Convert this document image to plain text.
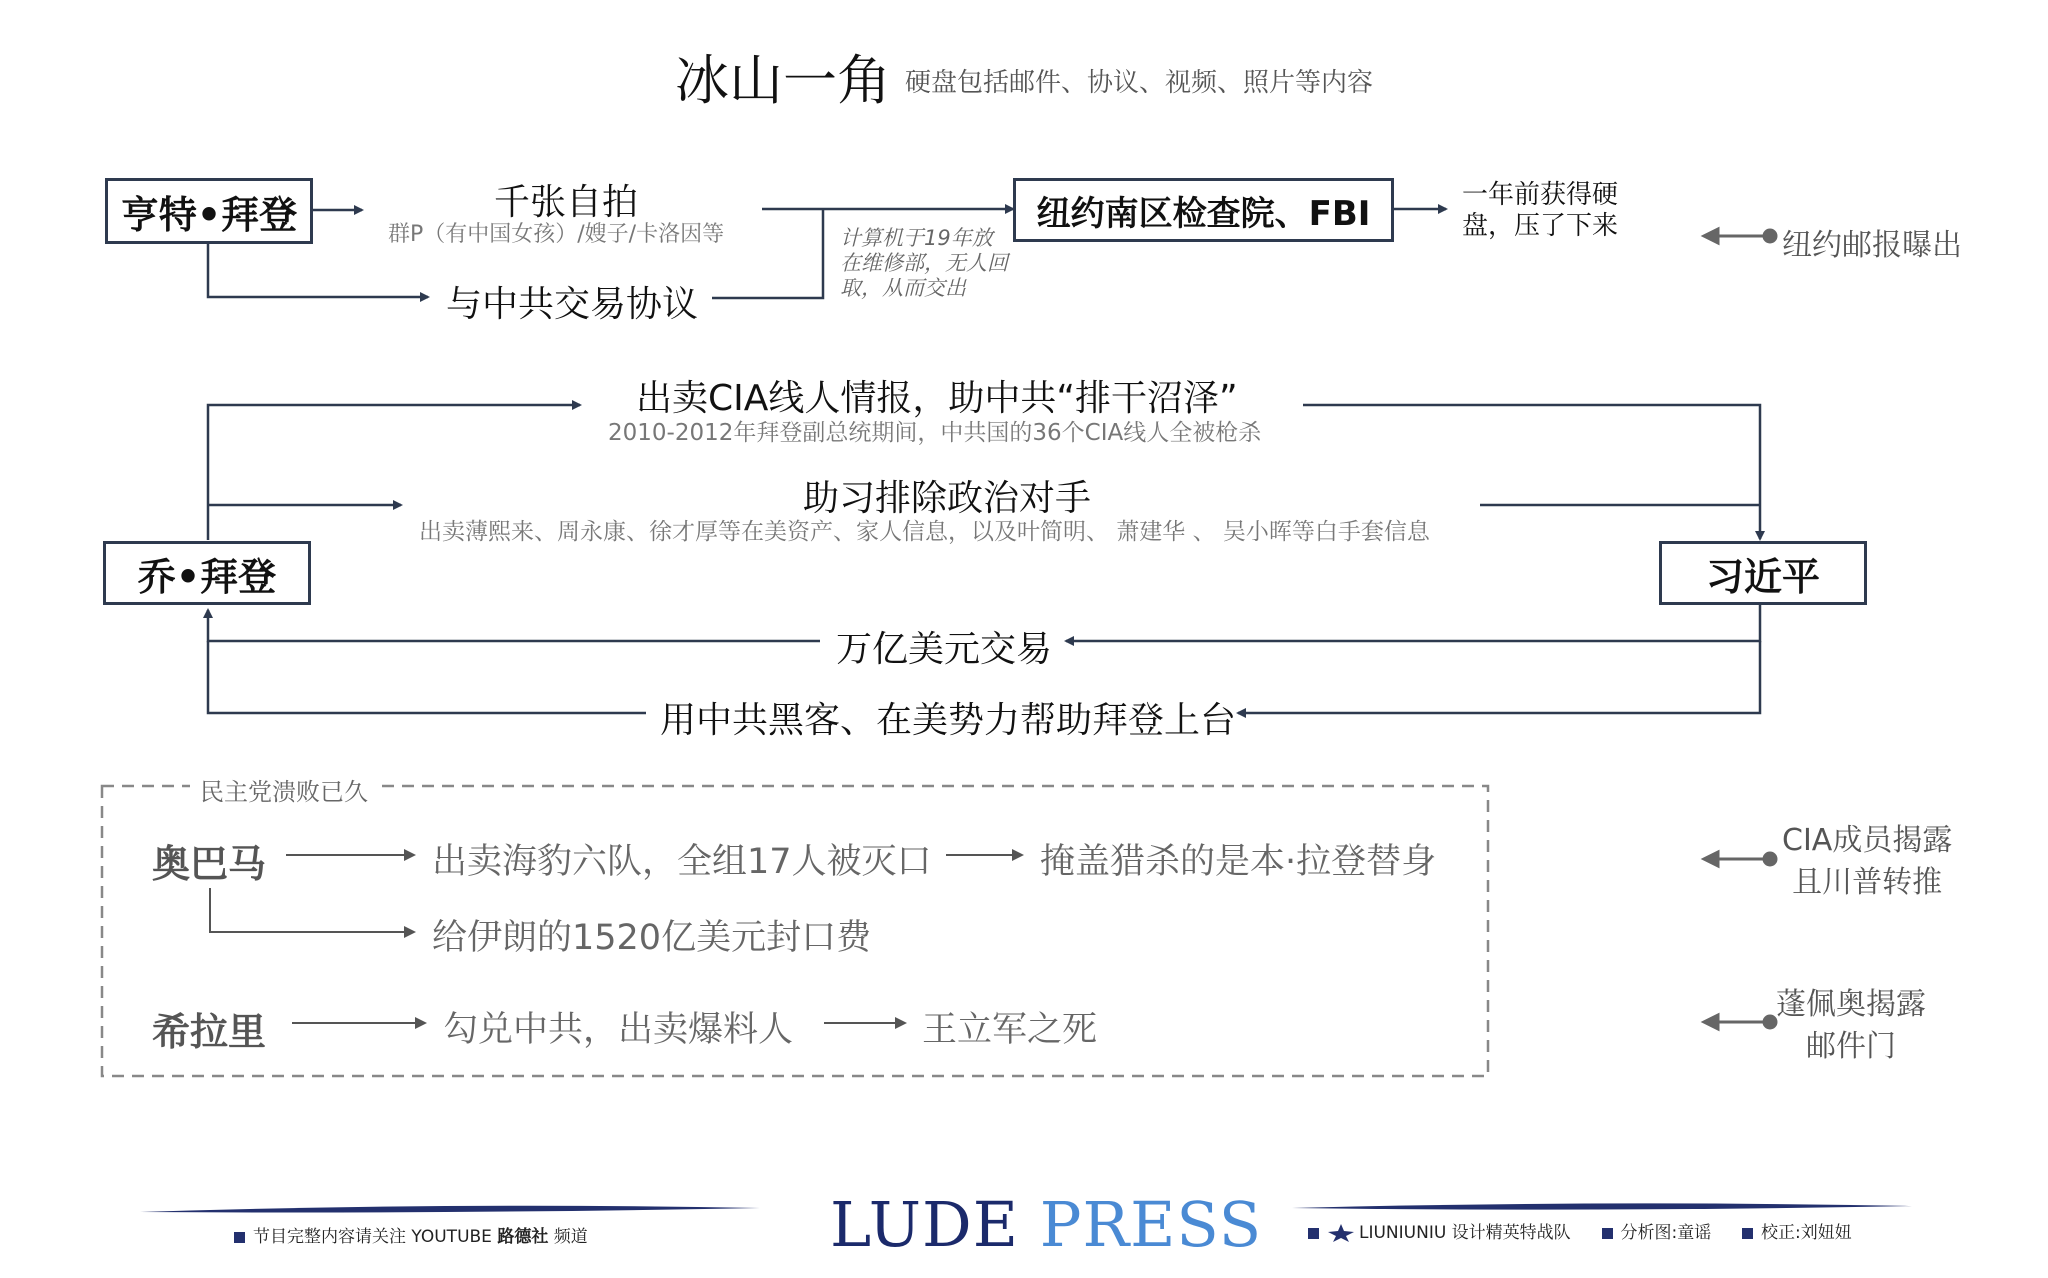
冰山一角 硬盘包括邮件、协议、视频、照片等内容
亨特•拜登	千张自拍
群P（有中国女孩）/嫂子/卡洛因等
与中共交易协议
计算机于19年放在维修部，无人回取，从而交出
纽约南区检查院、FBI	一年前获得硬盘，压了下来
纽约邮报曝出
乔•拜登	习近平
出卖CIA线人情报，助中共“排干沼泽”
2010-2012年拜登副总统期间，中共国的36个CIA线人全被枪杀
助习排除政治对手
出卖薄熙来、周永康、徐才厚等在美资产、家人信息，以及叶简明、 萧建华 、 吴小晖等白手套信息
万亿美元交易
用中共黑客、在美势力帮助拜登上台
民主党溃败已久
奥巴马	出卖海豹六队，全组17人被灭口	掩盖猎杀的是本·拉登替身
给伊朗的1520亿美元封口费
希拉里	勾兑中共，出卖爆料人	王立军之死
CIA成员揭露
且川普转推
蓬佩奥揭露
邮件门
节目完整内容请关注 YOUTUBE 路德社 频道	LUDE PRESS	LIUNIUNIU 设计精英特战队	分析图:童谣	校正:刘妞妞
